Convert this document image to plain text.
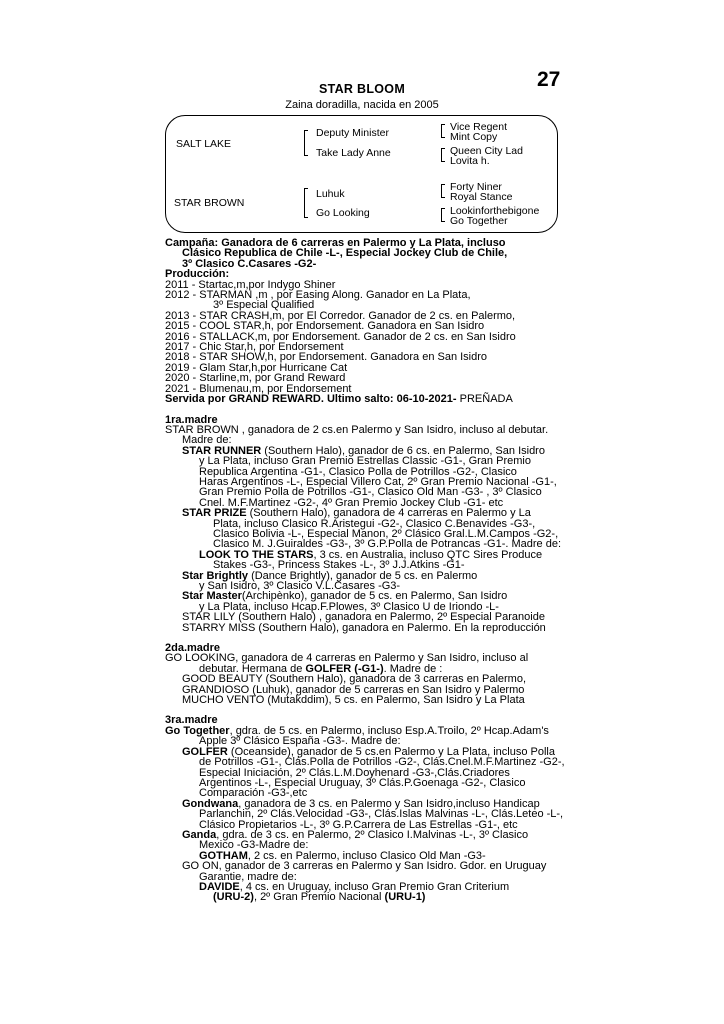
27
STAR BLOOM
Zaina doradilla, nacida en 2005
SALT LAKE
STAR BROWN
Deputy Minister
Take Lady Anne
Luhuk
Go Looking
Vice Regent
Mint Copy
Queen City Lad
Lovita h.
Forty Niner
Royal Stance
Lookinforthebigone
Go Together
Campaña: Ganadora de 6 carreras en Palermo y La Plata, incluso
Clásico Republica de Chile -L-, Especial Jockey Club de Chile,
3º Clasico C.Casares -G2-
Producción:
2011 - Startac,m,por Indygo Shiner
2012 - STARMAN ,m , por Easing Along. Ganador en La Plata,
3º Especial Qualified
2013 - STAR CRASH,m, por El Corredor. Ganador de 2 cs. en Palermo,
2015 - COOL STAR,h, por Endorsement. Ganadora en San Isidro
2016 - STALLACK,m, por Endorsement. Ganador de 2 cs. en San Isidro
2017 - Chic Star,h, por Endorsement
2018 - STAR SHOW,h, por Endorsement. Ganadora en San Isidro
2019 - Glam Star,h,por Hurricane Cat
2020 - Starline,m, por Grand Reward
2021 - Blumenau,m, por Endorsement
Servida por GRAND REWARD. Ultimo salto: 06-10-2021- PREÑADA
1ra.madre
STAR BROWN , ganadora de 2 cs.en Palermo y San Isidro, incluso al debutar.
Madre de:
STAR RUNNER (Southern Halo), ganador de 6 cs. en Palermo, San Isidro
y La Plata, incluso Gran Premio Estrellas Classic -G1-, Gran Premio
Republica Argentina -G1-, Clasico Polla de Potrillos -G2-, Clasico
Haras Argentinos -L-, Especial Villero Cat, 2º Gran Premio Nacional -G1-,
Gran Premio Polla de Potrillos -G1-, Clasico Old Man -G3- , 3º Clasico
Cnel. M.F.Martinez -G2-, 4º Gran Premio Jockey Club -G1- etc
STAR PRIZE (Southern Halo), ganadora de 4 carreras en Palermo y La
Plata, incluso Clasico R.Aristegui -G2-, Clasico C.Benavides -G3-,
Clasico Bolivia -L-, Especial Manon, 2º Clásico Gral.L.M.Campos -G2-,
Clasico M. J.Guiraldes -G3-, 3º G.P.Polla de Potrancas -G1-. Madre de:
LOOK TO THE STARS, 3 cs. en Australia, incluso QTC Sires Produce
Stakes -G3-, Princess Stakes -L-, 3º J.J.Atkins -G1-
Star Brightly (Dance Brightly), ganador de 5 cs. en Palermo
y San Isidro, 3º Clasico V.L.Casares -G3-
Star Master(Archipènko), ganador de 5 cs. en Palermo, San Isidro
y La Plata, incluso Hcap.F.Plowes, 3º Clasico U de Iriondo -L-
STAR LILY (Southern Halo) , ganadora en Palermo, 2º Especial Paranoide
STARRY MISS (Southern Halo), ganadora en Palermo. En la reproducción
2da.madre
GO LOOKING, ganadora de 4 carreras en Palermo y San Isidro, incluso al
debutar. Hermana de GOLFER (-G1-). Madre de :
GOOD BEAUTY (Southern Halo), ganadora de 3 carreras en Palermo,
GRANDIOSO (Luhuk), ganador de 5 carreras en San Isidro y Palermo
MUCHO VENTO (Mutakddim), 5 cs. en Palermo, San Isidro y La Plata
3ra.madre
Go Together, gdra. de 5 cs. en Palermo, incluso Esp.A.Troilo, 2º Hcap.Adam's
Apple 3º Clásico España -G3-. Madre de:
GOLFER (Oceanside), ganador de 5 cs.en Palermo y La Plata, incluso Polla
de Potrillos -G1-, Clás.Polla de Potrillos -G2-, Clás.Cnel.M.F.Martinez -G2-,
Especial Iniciación, 2º Clás.L.M.Doyhenard -G3-,Clás.Criadores
Argentinos -L-, Especial Uruguay, 3º Clás.P.Goenaga -G2-, Clasico
Comparación -G3-,etc
Gondwana, ganadora de 3 cs. en Palermo y San Isidro,incluso Handicap
Parlanchin, 2º Clás.Velocidad -G3-, Clás.Islas Malvinas -L-, Clás.Leteo -L-,
Clásico Propietarios -L-, 3º G.P.Carrera de Las Estrellas -G1-, etc
Ganda, gdra. de 3 cs. en Palermo, 2º Clasico I.Malvinas -L-, 3º Clasico
Mexico -G3-Madre de:
GOTHAM, 2 cs. en Palermo, incluso Clasico Old Man -G3-
GO ON, ganador de 3 carreras en Palermo y San Isidro. Gdor. en Uruguay
Garantie, madre de:
DAVIDE, 4 cs. en Uruguay, incluso Gran Premio Gran Criterium
(URU-2), 2º Gran Premio Nacional (URU-1)
